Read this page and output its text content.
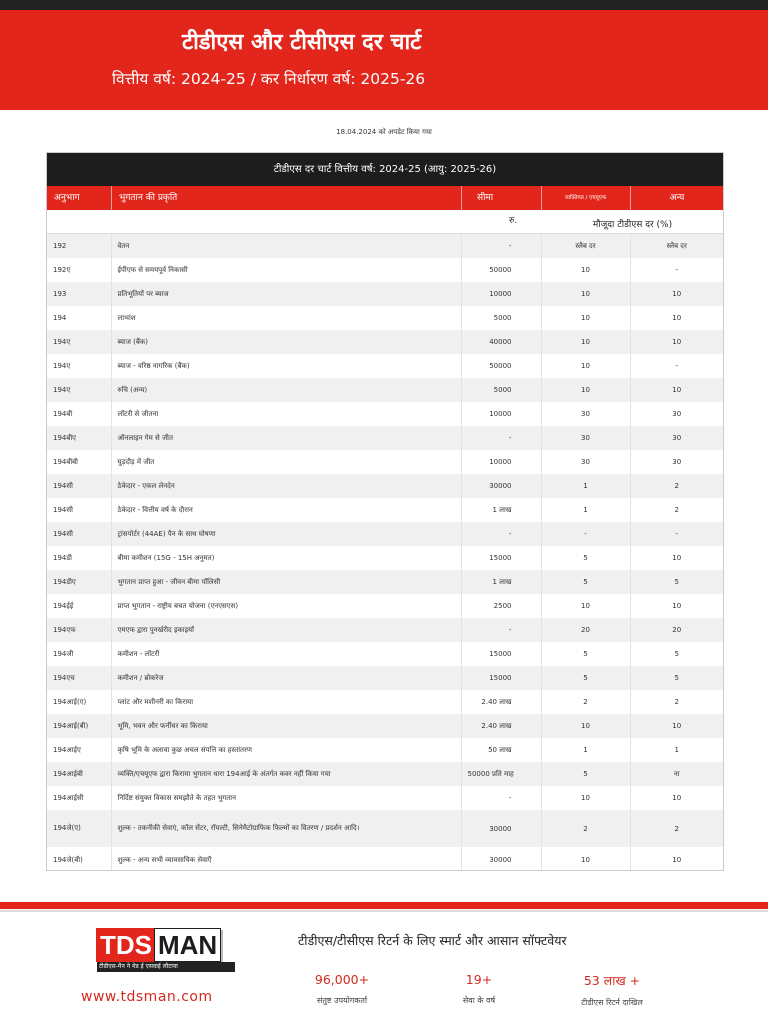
टीडीएस और टीसीएस दर चार्ट
वित्तीय वर्ष: 2024-25 / कर निर्धारण वर्ष: 2025-26
18.04.2024 को अपडेट किया गया
टीडीएस दर चार्ट वित्तीय वर्ष: 2024-25 (आयु: 2025-26)
अनुभाग	भुगतान की प्रकृति	सीमा	व्यक्तिगत / एचयूएफ	अन्य
रु.	मौजूदा टीडीएस दर (%)
192	वेतन	-	स्लैब दर	स्लैब दर
192ए	ईपीएफ से समयपूर्व निकासी	50000	10	-
193	प्रतिभूतियों पर ब्याज	10000	10	10
194	लाभांश	5000	10	10
194ए	ब्याज (बैंक)	40000	10	10
194ए	ब्याज - वरिष्ठ नागरिक (बैंक)	50000	10	-
194ए	रुचि (अन्य)	5000	10	10
194बी	लॉटरी से जीतना	10000	30	30
194बीए	ऑनलाइन गेम से जीत	-	30	30
194बीबी	घुड़दौड़ में जीत	10000	30	30
194सी	ठेकेदार - एकल लेनदेन	30000	1	2
194सी	ठेकेदार - वित्तीय वर्ष के दौरान	1 लाख	1	2
194सी	ट्रांसपोर्टर (44AE) पैन के साथ घोषणा	-	-	-
194डी	बीमा कमीशन (15G - 15H अनुमत)	15000	5	10
194डीए	भुगतान प्राप्त हुआ - जीवन बीमा पॉलिसी	1 लाख	5	5
194ईई	प्राप्त भुगतान - राष्ट्रीय बचत योजना (एनएसएस)	2500	10	10
194एफ	एमएफ द्वारा पुनर्खरीद इकाइयाँ	-	20	20
194जी	कमीशन - लॉटरी	15000	5	5
194एच	कमीशन / ब्रोकरेज	15000	5	5
194आई(ए)	प्लांट और मशीनरी का किराया	2.40 लाख	2	2
194आई(बी)	भूमि, भवन और फर्नीचर का किराया	2.40 लाख	10	10
194आईए	कृषि भूमि के अलावा कुछ अचल संपत्ति का हस्तांतरण	50 लाख	1	1
194आईबी	व्यक्ति/एचयूएफ द्वारा किराया भुगतान धारा 194आई के अंतर्गत कवर नहीं किया गया	50000 प्रति माह	5	ना
194आईसी	निर्दिष्ट संयुक्त विकास समझौते के तहत भुगतान	-	10	10
194जे(ए)	शुल्क - तकनीकी सेवाएं, कॉल सेंटर, रॉयल्टी, सिनेमैटोग्राफिक फिल्मों का वितरण / प्रदर्शन आदि।	30000	2	2
194जे(बी)	शुल्क - अन्य सभी व्यावसायिक सेवाएँ	30000	10	10
TDS MAN
टीडीएस-मैन ने मेड ई एसवाई लौटाया
www.tdsman.com
टीडीएस/टीसीएस रिटर्न के लिए स्मार्ट और आसान सॉफ्टवेयर
96,000+
संतुष्ट उपयोगकर्ता
19+
सेवा के वर्ष
53 लाख +
टीडीएस रिटर्न दाखिल
